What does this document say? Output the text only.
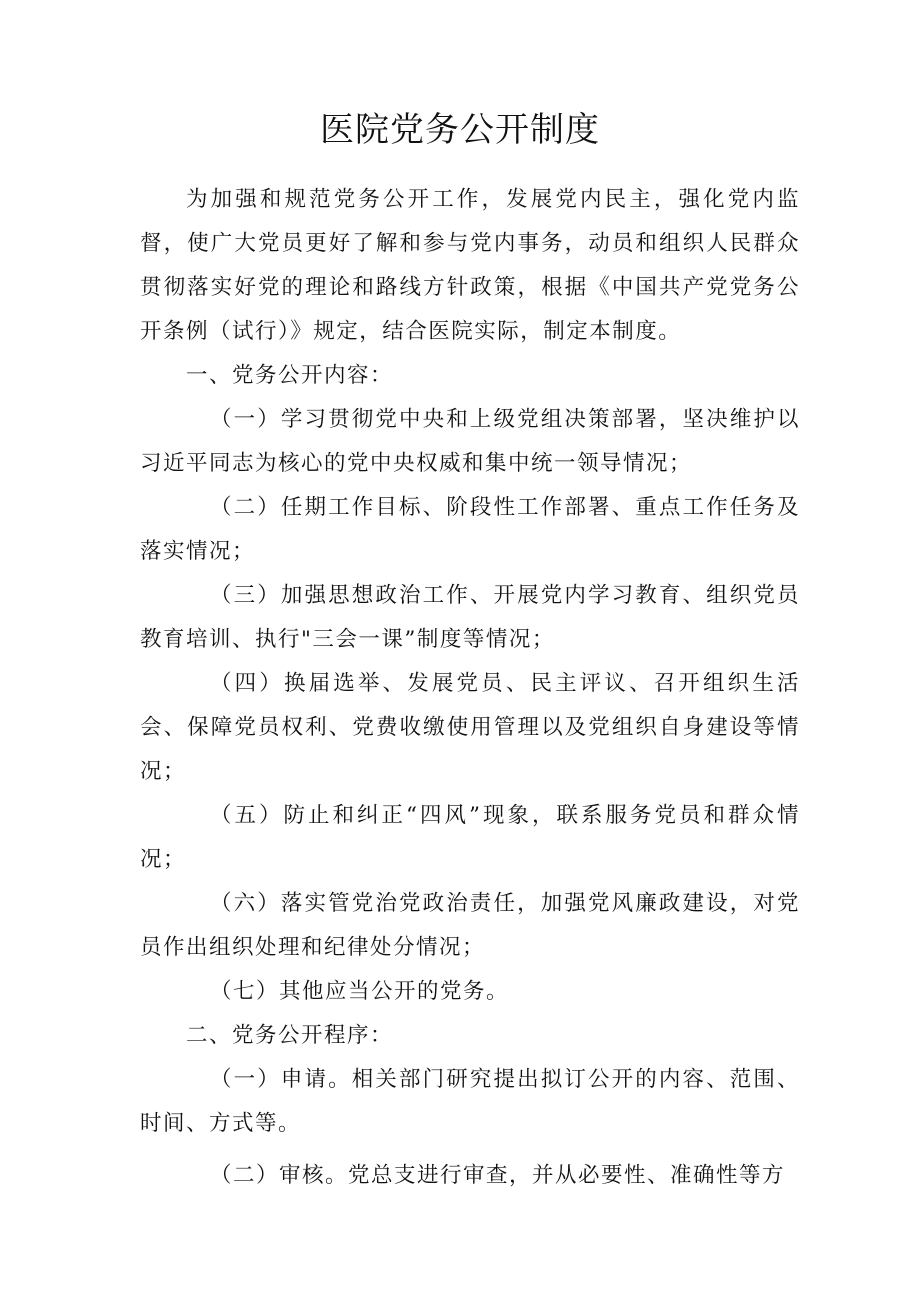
医院党务公开制度

为加强和规范党务公开工作，发展党内民主，强化党内监督，使广大党员更好了解和参与党内事务，动员和组织人民群众贯彻落实好党的理论和路线方针政策，根据《中国共产党党务公开条例（试行）》规定，结合医院实际，制定本制度。

一、党务公开内容：

（一）学习贯彻党中央和上级党组决策部署，坚决维护以习近平同志为核心的党中央权威和集中统一领导情况；

（二）任期工作目标、阶段性工作部署、重点工作任务及落实情况；

（三）加强思想政治工作、开展党内学习教育、组织党员教育培训、执行"三会一课”制度等情况；

（四）换届选举、发展党员、民主评议、召开组织生活会、保障党员权利、党费收缴使用管理以及党组织自身建设等情况；

（五）防止和纠正“四风”现象，联系服务党员和群众情况；

（六）落实管党治党政治责任，加强党风廉政建设，对党员作出组织处理和纪律处分情况；

（七）其他应当公开的党务。

二、党务公开程序：

（一）申请。相关部门研究提出拟订公开的内容、范围、时间、方式等。

（二）审核。党总支进行审查，并从必要性、准确性等方
